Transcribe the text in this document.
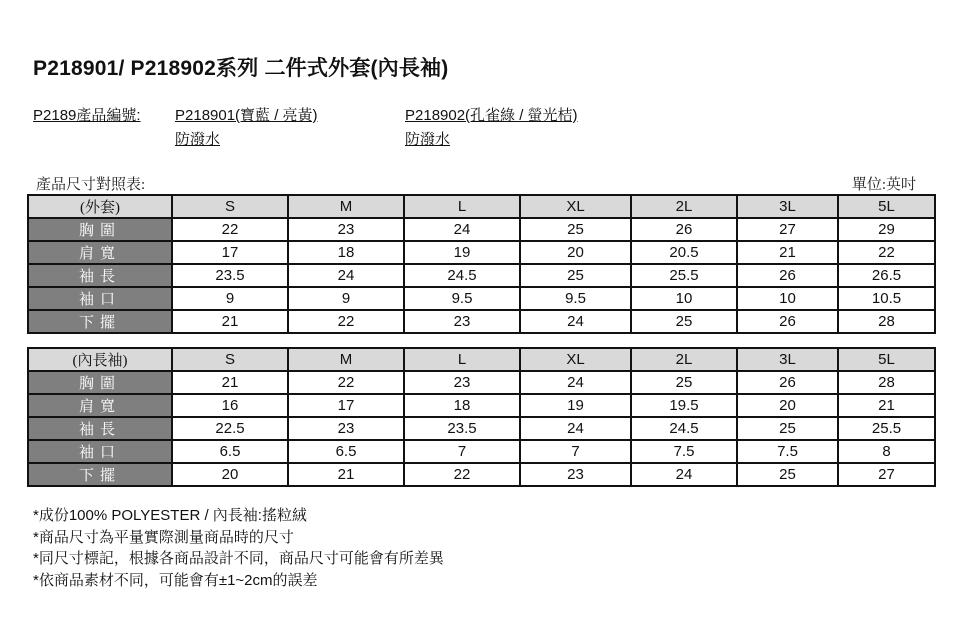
P218901/ P218902系列 二件式外套(內長袖)
P2189產品編號: P218901(寶藍 / 亮黃)
防潑水
P218902(孔雀綠 / 螢光桔)
防潑水
產品尺寸對照表:	單位:英吋
(外套)	S	M	L	XL	2L	3L	5L
胸圍	22	23	24	25	26	27	29
肩寬	17	18	19	20	20.5	21	22
袖長	23.5	24	24.5	25	25.5	26	26.5
袖口	9	9	9.5	9.5	10	10	10.5
下擺	21	22	23	24	25	26	28
(內長袖)	S	M	L	XL	2L	3L	5L
胸圍	21	22	23	24	25	26	28
肩寬	16	17	18	19	19.5	20	21
袖長	22.5	23	23.5	24	24.5	25	25.5
袖口	6.5	6.5	7	7	7.5	7.5	8
下擺	20	21	22	23	24	25	27
*成份100% POLYESTER / 內長袖:搖粒絨
*商品尺寸為平量實際測量商品時的尺寸
*同尺寸標記，根據各商品設計不同，商品尺寸可能會有所差異
*依商品素材不同，可能會有±1~2cm的誤差
